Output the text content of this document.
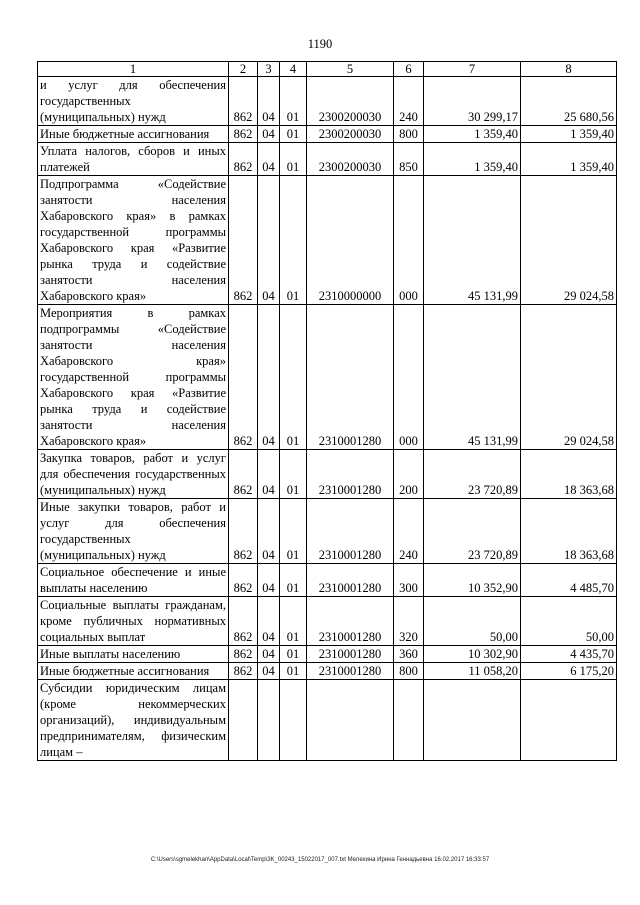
1190
1	2	3	4	5	6	7	8
и услуг для обеспечения государственных (муниципальных) нужд	862	04	01	2300200030	240	30 299,17	25 680,56
Иные бюджетные ассигнования	862	04	01	2300200030	800	1 359,40	1 359,40
Уплата налогов, сборов и иных платежей	862	04	01	2300200030	850	1 359,40	1 359,40
Подпрограмма «Содействие занятости населения Хабаровского края» в рамках государственной программы Хабаровского края «Развитие рынка труда и содействие занятости населения Хабаровского края»	862	04	01	2310000000	000	45 131,99	29 024,58
Мероприятия в рамках подпрограммы «Содействие занятости населения Хабаровского края» государственной программы Хабаровского края «Развитие рынка труда и содействие занятости населения Хабаровского края»	862	04	01	2310001280	000	45 131,99	29 024,58
Закупка товаров, работ и услуг для обеспечения государственных (муниципальных) нужд	862	04	01	2310001280	200	23 720,89	18 363,68
Иные закупки товаров, работ и услуг для обеспечения государственных (муниципальных) нужд	862	04	01	2310001280	240	23 720,89	18 363,68
Социальное обеспечение и иные выплаты населению	862	04	01	2310001280	300	10 352,90	4 485,70
Социальные выплаты гражданам, кроме публичных нормативных социальных выплат	862	04	01	2310001280	320	50,00	50,00
Иные выплаты населению	862	04	01	2310001280	360	10 302,90	4 435,70
Иные бюджетные ассигнования	862	04	01	2310001280	800	11 058,20	6 175,20
Субсидии юридическим лицам (кроме некоммерческих организаций), индивидуальным предпринимателям, физическим лицам –							
C:\Users\sgmelekhan\AppData\Local\Temp\3K_00243_15022017_007.txt Мелехина Ирина Геннадьевна 16.02.2017 16:33:57
